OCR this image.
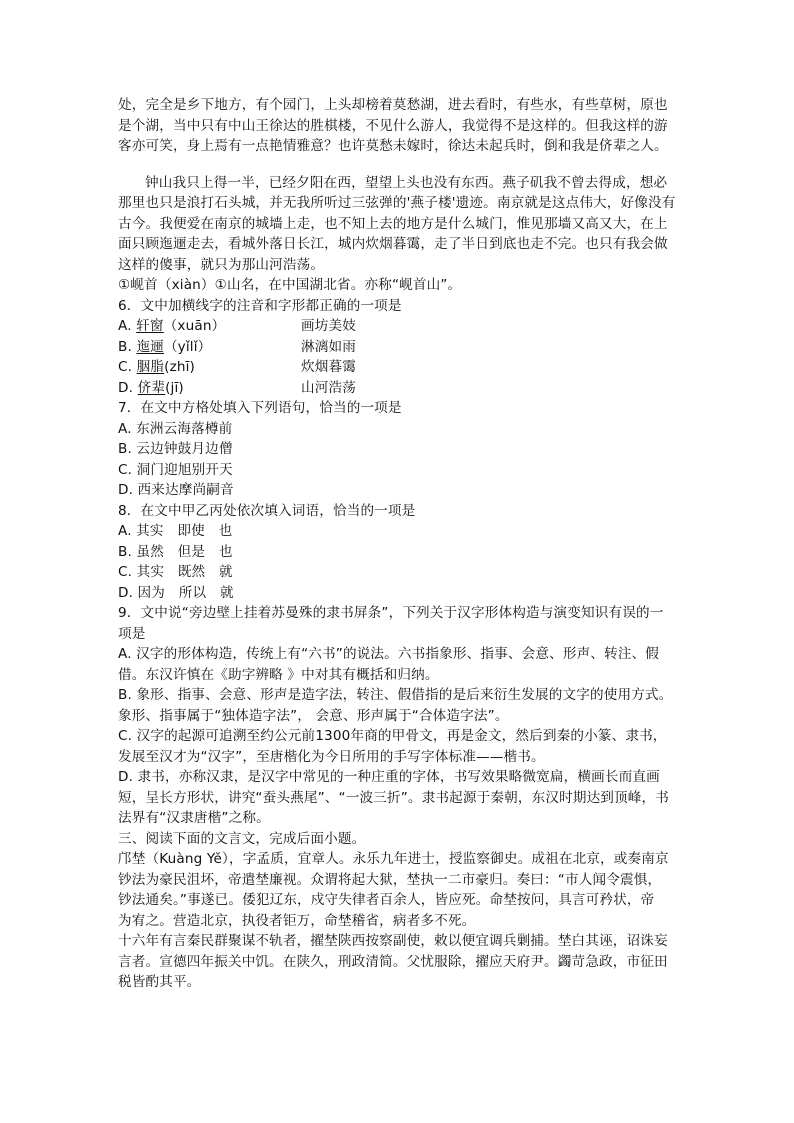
处，完全是乡下地方，有个园门，上头却榜着莫愁湖，进去看时，有些水，有些草树，原也
是个湖，当中只有中山王徐达的胜棋楼，不见什么游人，我觉得不是这样的。但我这样的游
客亦可笑，身上焉有一点艳情雅意？也许莫愁未嫁时，徐达未起兵时，倒和我是侪辈之人。
钟山我只上得一半，已经夕阳在西，望望上头也没有东西。燕子矶我不曾去得成，想必
那里也只是浪打石头城，并无我所听过三弦弹的'燕子楼'遗迹。南京就是这点伟大，好像没有
古今。我便爱在南京的城墙上走，也不知上去的地方是什么城门，惟见那墙又高又大，在上
面只顾迤逦走去，看城外落日长江，城内炊烟暮霭，走了半日到底也走不完。也只有我会做
这样的傻事，就只为那山河浩荡。
①岘首（xiàn）①山名，在中国湖北省。亦称“岘首山”。
6．文中加横线字的注音和字形都正确的一项是
A. 轩窗（xuān）	画坊美妓
B. 迤逦（yǐlǐ）	淋漓如雨
C. 胭脂(zhī)	炊烟暮霭
D. 侪辈(jī)	山河浩荡
7．在文中方格处填入下列语句，恰当的一项是
A. 东洲云海落樽前
B. 云边钟鼓月边僧
C. 洞门迎旭别开天
D. 西来达摩尚嗣音
8．在文中甲乙丙处依次填入词语，恰当的一项是
A. 其实　即使　也
B. 虽然　但是　也
C. 其实　既然　就
D. 因为　所以　就
9．文中说“旁边壁上挂着苏曼殊的隶书屏条”，下列关于汉字形体构造与演变知识有误的一
项是
A. 汉字的形体构造，传统上有“六书”的说法。六书指象形、指事、会意、形声、转注、假
借。东汉许慎在《助字辨略 》中对其有概括和归纳。
B. 象形、指事、会意、形声是造字法，转注、假借指的是后来衍生发展的文字的使用方式。
象形、指事属于“独体造字法”， 会意、形声属于“合体造字法”。
C. 汉字的起源可追溯至约公元前1300年商的甲骨文，再是金文，然后到秦的小篆、隶书，
发展至汉才为“汉字”，至唐楷化为今日所用的手写字体标准——楷书。
D. 隶书，亦称汉隶，是汉字中常见的一种庄重的字体，书写效果略微宽扁，横画长而直画
短，呈长方形状，讲究“蚕头燕尾”、“一波三折”。隶书起源于秦朝，东汉时期达到顶峰，书
法界有“汉隶唐楷”之称。
三、阅读下面的文言文，完成后面小题。
邝埜（Kuàng Yě），字孟质，宜章人。永乐九年进士，授监察御史。成祖在北京，或奏南京
钞法为豪民沮坏，帝遣埜廉视。众谓将起大狱，埜执一二市豪归。奏曰：“市人闻令震惧，
钞法通矣。”事遂已。倭犯辽东，戍守失律者百余人，皆应死。命埜按问，具言可矜状，帝
为宥之。营造北京，执役者钜万，命埜稽省，病者多不死。
十六年有言秦民群聚谋不轨者，擢埜陕西按察副使，敕以便宜调兵剿捕。埜白其诬，诏诛妄
言者。宣德四年振关中饥。在陕久，刑政清简。父忧服除，擢应天府尹。蠲苛急政，市征田
税皆酌其平。
